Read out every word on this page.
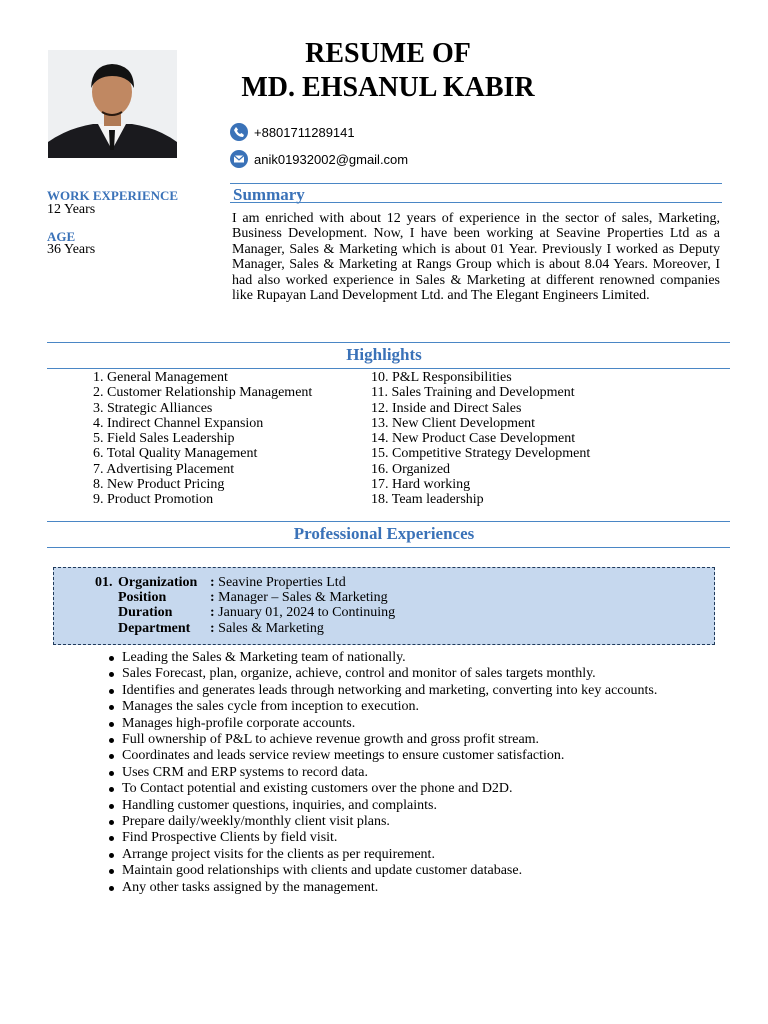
RESUME OF
MD. EHSANUL KABIR
+8801711289141
anik01932002@gmail.com
WORK EXPERIENCE
12 Years
AGE
36 Years
Summary
I am enriched with about 12 years of experience in the sector of sales, Marketing, Business Development. Now, I have been working at Seavine Properties Ltd as a Manager, Sales & Marketing which is about 01 Year. Previously I worked as Deputy Manager, Sales & Marketing at Rangs Group which is about 8.04 Years. Moreover, I had also worked experience in Sales & Marketing at different renowned companies like Rupayan Land Development Ltd. and The Elegant Engineers Limited.
Highlights
1. General Management
2. Customer Relationship Management
3. Strategic Alliances
4. Indirect Channel Expansion
5. Field Sales Leadership
6. Total Quality Management
7. Advertising Placement
8. New Product Pricing
9. Product Promotion
10. P&L Responsibilities
11. Sales Training and Development
12. Inside and Direct Sales
13. New Client Development
14. New Product Case Development
15. Competitive Strategy Development
16. Organized
17. Hard working
18. Team leadership
Professional Experiences
01. Organization : Seavine Properties Ltd
Position	: Manager – Sales & Marketing
Duration	: January 01, 2024 to Continuing
Department : Sales & Marketing
Leading the Sales & Marketing team of nationally.
Sales Forecast, plan, organize, achieve, control and monitor of sales targets monthly.
Identifies and generates leads through networking and marketing, converting into key accounts.
Manages the sales cycle from inception to execution.
Manages high-profile corporate accounts.
Full ownership of P&L to achieve revenue growth and gross profit stream.
Coordinates and leads service review meetings to ensure customer satisfaction.
Uses CRM and ERP systems to record data.
To Contact potential and existing customers over the phone and D2D.
Handling customer questions, inquiries, and complaints.
Prepare daily/weekly/monthly client visit plans.
Find Prospective Clients by field visit.
Arrange project visits for the clients as per requirement.
Maintain good relationships with clients and update customer database.
Any other tasks assigned by the management.
